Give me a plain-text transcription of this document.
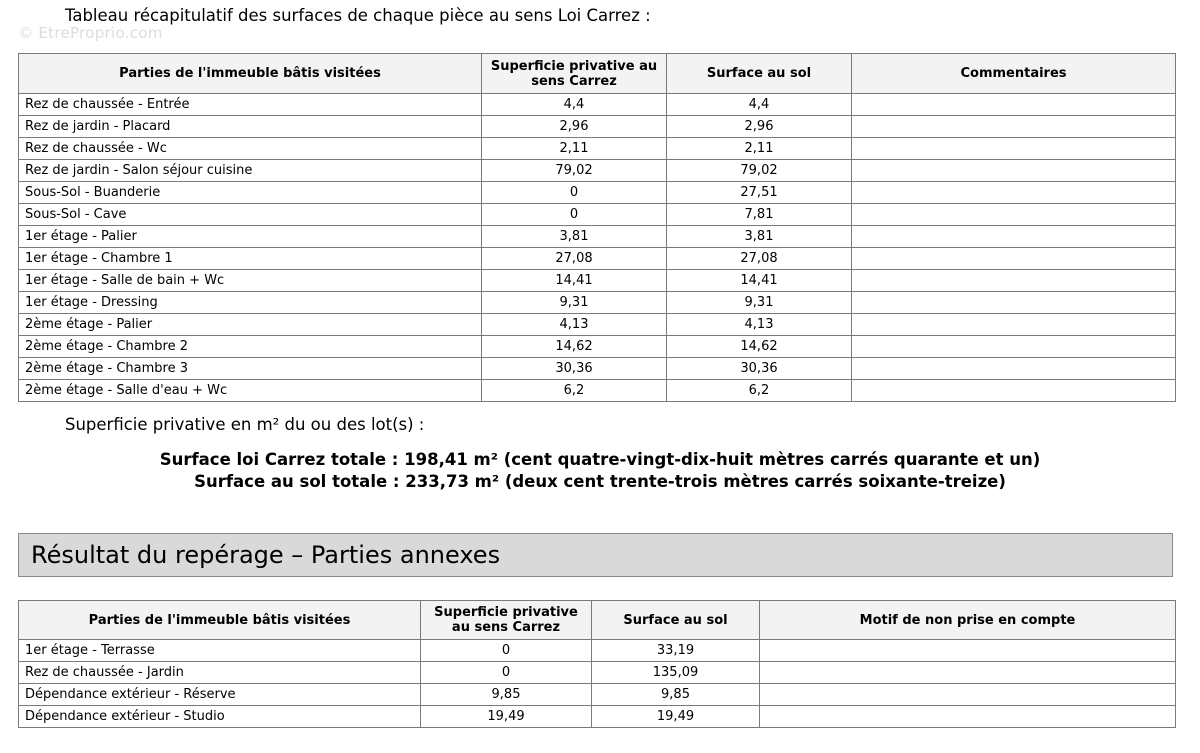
© EtreProprio.com
Tableau récapitulatif des surfaces de chaque pièce au sens Loi Carrez :
Parties de l'immeuble bâtis visitées	Superficie privative au sens Carrez	Surface au sol	Commentaires
Rez de chaussée - Entrée	4,4	4,4	
Rez de jardin - Placard	2,96	2,96	
Rez de chaussée - Wc	2,11	2,11	
Rez de jardin - Salon séjour cuisine	79,02	79,02	
Sous-Sol - Buanderie	0	27,51	
Sous-Sol - Cave	0	7,81	
1er étage - Palier	3,81	3,81	
1er étage - Chambre 1	27,08	27,08	
1er étage - Salle de bain + Wc	14,41	14,41	
1er étage - Dressing	9,31	9,31	
2ème étage - Palier	4,13	4,13	
2ème étage - Chambre 2	14,62	14,62	
2ème étage - Chambre 3	30,36	30,36	
2ème étage - Salle d'eau + Wc	6,2	6,2	
Superficie privative en m² du ou des lot(s) :
Surface loi Carrez totale : 198,41 m² (cent quatre-vingt-dix-huit mètres carrés quarante et un)
Surface au sol totale : 233,73 m² (deux cent trente-trois mètres carrés soixante-treize)
Résultat du repérage – Parties annexes
Parties de l'immeuble bâtis visitées	Superficie privative au sens Carrez	Surface au sol	Motif de non prise en compte
1er étage - Terrasse	0	33,19	
Rez de chaussée - Jardin	0	135,09	
Dépendance extérieur - Réserve	9,85	9,85	
Dépendance extérieur - Studio	19,49	19,49	
